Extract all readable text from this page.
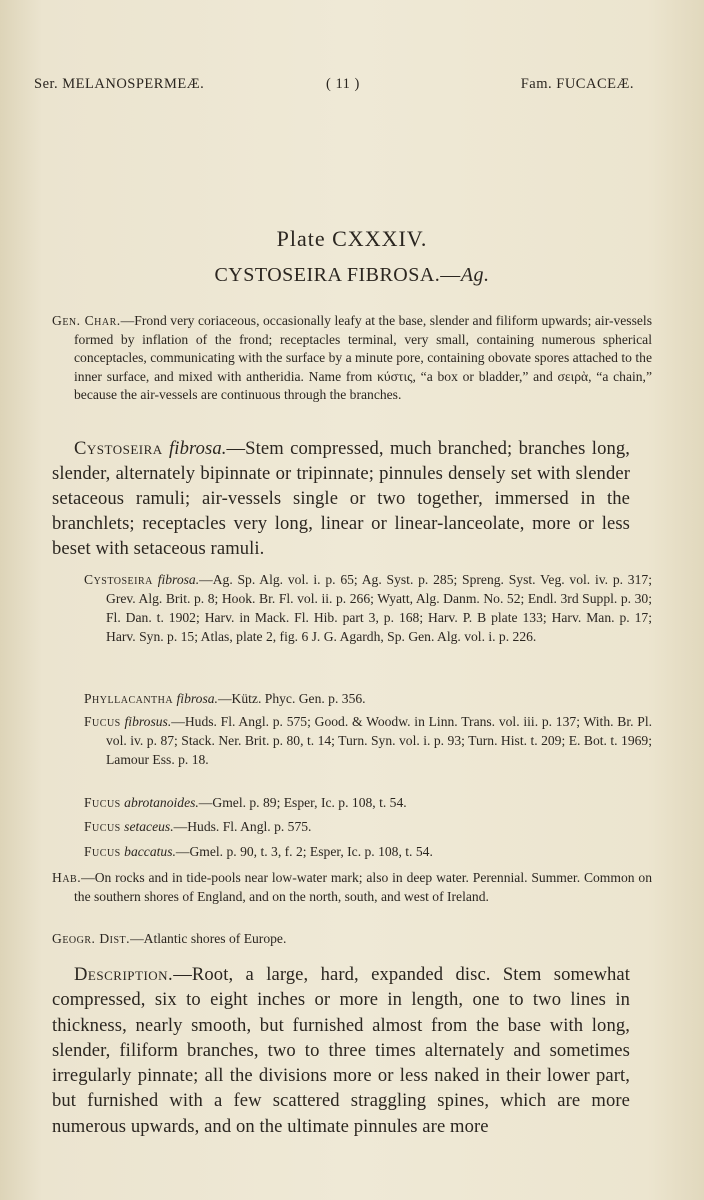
Ser. MELANOSPERMEÆ.	( 11 )	Fam. FUCACEÆ.
Plate CXXXIV.
CYSTOSEIRA FIBROSA.—Ag.
Gen. Char.—Frond very coriaceous, occasionally leafy at the base, slender and filiform upwards; air-vessels formed by inflation of the frond; receptacles terminal, very small, containing numerous spherical conceptacles, communicating with the surface by a minute pore, containing obovate spores attached to the inner surface, and mixed with antheridia. Name from κύστις, “a box or bladder,” and σειρὰ, “a chain,” because the air-vessels are continuous through the branches.
Cystoseira fibrosa.—Stem compressed, much branched; branches long, slender, alternately bipinnate or tripinnate; pinnules densely set with slender setaceous ramuli; air-vessels single or two together, immersed in the branchlets; receptacles very long, linear or linear-lanceolate, more or less beset with setaceous ramuli.
Cystoseira fibrosa.—Ag. Sp. Alg. vol. i. p. 65; Ag. Syst. p. 285; Spreng. Syst. Veg. vol. iv. p. 317; Grev. Alg. Brit. p. 8; Hook. Br. Fl. vol. ii. p. 266; Wyatt, Alg. Danm. No. 52; Endl. 3rd Suppl. p. 30; Fl. Dan. t. 1902; Harv. in Mack. Fl. Hib. part 3, p. 168; Harv. P. B plate 133; Harv. Man. p. 17; Harv. Syn. p. 15; Atlas, plate 2, fig. 6 J. G. Agardh, Sp. Gen. Alg. vol. i. p. 226.
Phyllacantha fibrosa.—Kütz. Phyc. Gen. p. 356.
Fucus fibrosus.—Huds. Fl. Angl. p. 575; Good. & Woodw. in Linn. Trans. vol. iii. p. 137; With. Br. Pl. vol. iv. p. 87; Stack. Ner. Brit. p. 80, t. 14; Turn. Syn. vol. i. p. 93; Turn. Hist. t. 209; E. Bot. t. 1969; Lamour Ess. p. 18.
Fucus abrotanoides.—Gmel. p. 89; Esper, Ic. p. 108, t. 54.
Fucus setaceus.—Huds. Fl. Angl. p. 575.
Fucus baccatus.—Gmel. p. 90, t. 3, f. 2; Esper, Ic. p. 108, t. 54.
Hab.—On rocks and in tide-pools near low-water mark; also in deep water. Perennial. Summer. Common on the southern shores of England, and on the north, south, and west of Ireland.
Geogr. Dist.—Atlantic shores of Europe.
Description.—Root, a large, hard, expanded disc. Stem somewhat compressed, six to eight inches or more in length, one to two lines in thickness, nearly smooth, but furnished almost from the base with long, slender, filiform branches, two to three times alternately and sometimes irregularly pinnate; all the divisions more or less naked in their lower part, but furnished with a few scattered straggling spines, which are more numerous upwards, and on the ultimate pinnules are more
